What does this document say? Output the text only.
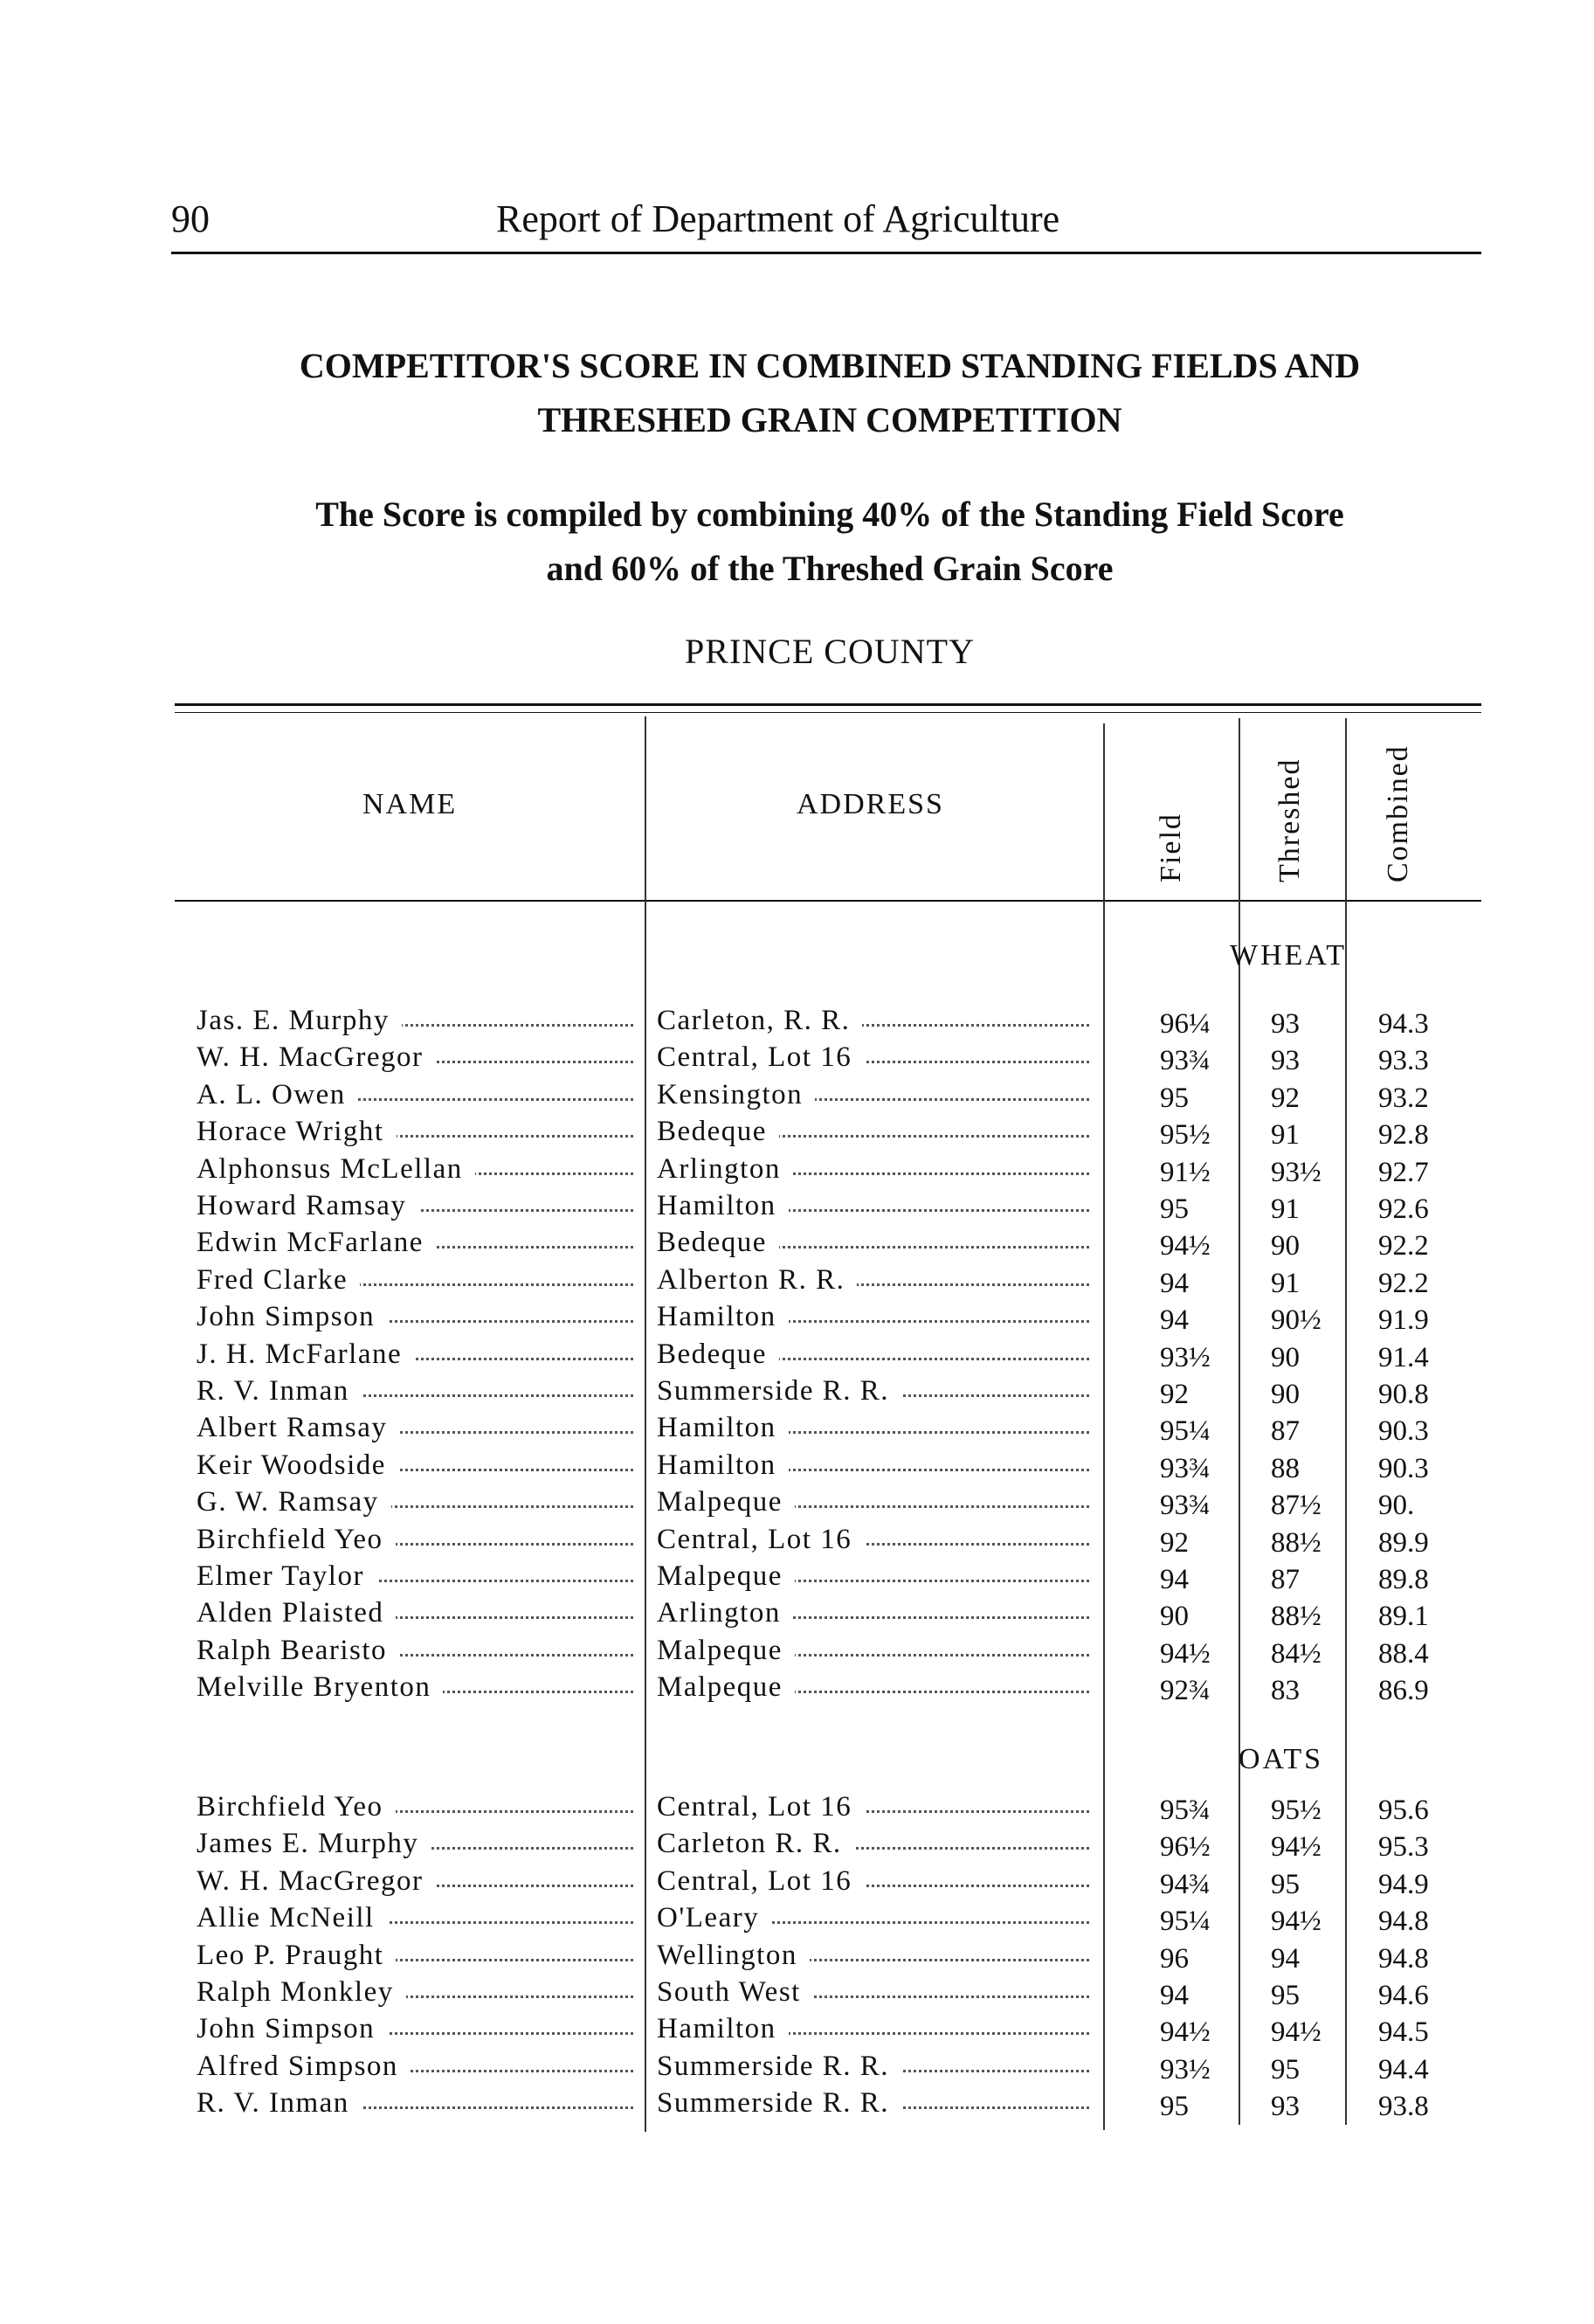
90	Report of Department of Agriculture
COMPETITOR'S SCORE IN COMBINED STANDING FIELDS AND
THRESHED GRAIN COMPETITION
The Score is compiled by combining 40% of the Standing Field Score
and 60% of the Threshed Grain Score
PRINCE COUNTY
NAME	ADDRESS
Field	Threshed	Combined
WHEAT
OATS
Jas. E. Murphy	Carleton, R. R.	96¼	93	94.3
W. H. MacGregor	Central, Lot 16	93¾	93	93.3
A. L. Owen	Kensington	95	92	93.2
Horace Wright	Bedeque	95½	91	92.8
Alphonsus McLellan	Arlington	91½	93½	92.7
Howard Ramsay	Hamilton	95	91	92.6
Edwin McFarlane	Bedeque	94½	90	92.2
Fred Clarke	Alberton R. R.	94	91	92.2
John Simpson	Hamilton	94	90½	91.9
J. H. McFarlane	Bedeque	93½	90	91.4
R. V. Inman	Summerside R. R.	92	90	90.8
Albert Ramsay	Hamilton	95¼	87	90.3
Keir Woodside	Hamilton	93¾	88	90.3
G. W. Ramsay	Malpeque	93¾	87½	90.
Birchfield Yeo	Central, Lot 16	92	88½	89.9
Elmer Taylor	Malpeque	94	87	89.8
Alden Plaisted	Arlington	90	88½	89.1
Ralph Bearisto	Malpeque	94½	84½	88.4
Melville Bryenton	Malpeque	92¾	83	86.9
Birchfield Yeo	Central, Lot 16	95¾	95½	95.6
James E. Murphy	Carleton R. R.	96½	94½	95.3
W. H. MacGregor	Central, Lot 16	94¾	95	94.9
Allie McNeill	O'Leary	95¼	94½	94.8
Leo P. Praught	Wellington	96	94	94.8
Ralph Monkley	South West	94	95	94.6
John Simpson	Hamilton	94½	94½	94.5
Alfred Simpson	Summerside R. R.	93½	95	94.4
R. V. Inman	Summerside R. R.	95	93	93.8
